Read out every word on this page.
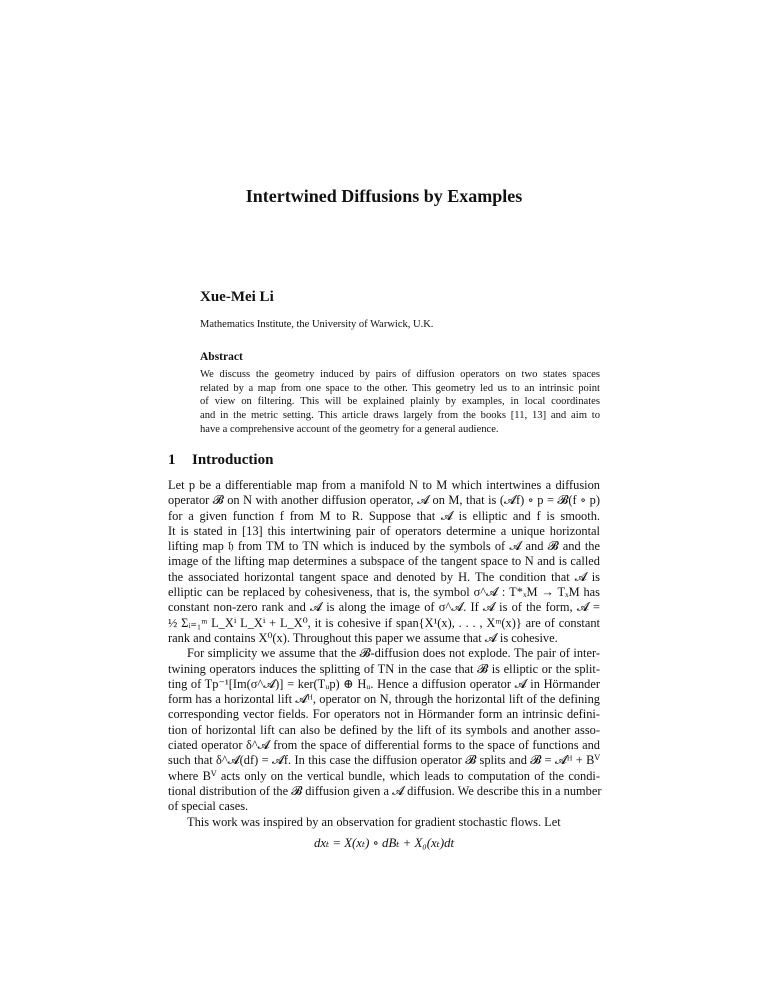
Intertwined Diffusions by Examples
Xue-Mei Li
Mathematics Institute, the University of Warwick, U.K.
Abstract
We discuss the geometry induced by pairs of diffusion operators on two states spaces
related by a map from one space to the other. This geometry led us to an intrinsic point
of view on filtering. This will be explained plainly by examples, in local coordinates
and in the metric setting. This article draws largely from the books [11, 13] and aim to
have a comprehensive account of the geometry for a general audience.
1 Introduction
Let p be a differentiable map from a manifold N to M which intertwines a diffusion
operator 𝓑 on N with another diffusion operator, 𝓐 on M, that is (𝓐f) ∘ p = 𝓑(f ∘ p)
for a given function f from M to R. Suppose that 𝓐 is elliptic and f is smooth.
It is stated in [13] this intertwining pair of operators determine a unique horizontal
lifting map 𝔥 from TM to TN which is induced by the symbols of 𝓐 and 𝓑 and the
image of the lifting map determines a subspace of the tangent space to N and is called
the associated horizontal tangent space and denoted by H. The condition that 𝓐 is
elliptic can be replaced by cohesiveness, that is, the symbol σ^𝓐 : T*ₓM → TₓM has
constant non-zero rank and 𝓐 is along the image of σ^𝓐. If 𝓐 is of the form, 𝓐 =
½ Σᵢ₌₁ᵐ L_Xⁱ L_Xⁱ + L_X⁰, it is cohesive if span{X¹(x), . . . , Xᵐ(x)} are of constant
rank and contains X⁰(x). Throughout this paper we assume that 𝓐 is cohesive.
For simplicity we assume that the 𝓑-diffusion does not explode. The pair of inter-
twining operators induces the splitting of TN in the case that 𝓑 is elliptic or the split-
ting of Tp⁻¹[Im(σ^𝓐)] = ker(Tᵤp) ⊕ Hᵤ. Hence a diffusion operator 𝓐 in Hörmander
form has a horizontal lift 𝓐ᴴ, operator on N, through the horizontal lift of the defining
corresponding vector fields. For operators not in Hörmander form an intrinsic defini-
tion of horizontal lift can also be defined by the lift of its symbols and another asso-
ciated operator δ^𝓐 from the space of differential forms to the space of functions and
such that δ^𝓐(df) = 𝓐f. In this case the diffusion operator 𝓑 splits and 𝓑 = 𝓐ᴴ + Bⱽ
where Bⱽ acts only on the vertical bundle, which leads to computation of the condi-
tional distribution of the 𝓑 diffusion given a 𝓐 diffusion. We describe this in a number
of special cases.
This work was inspired by an observation for gradient stochastic flows. Let
dxₜ = X(xₜ) ∘ dBₜ + X₀(xₜ)dt
